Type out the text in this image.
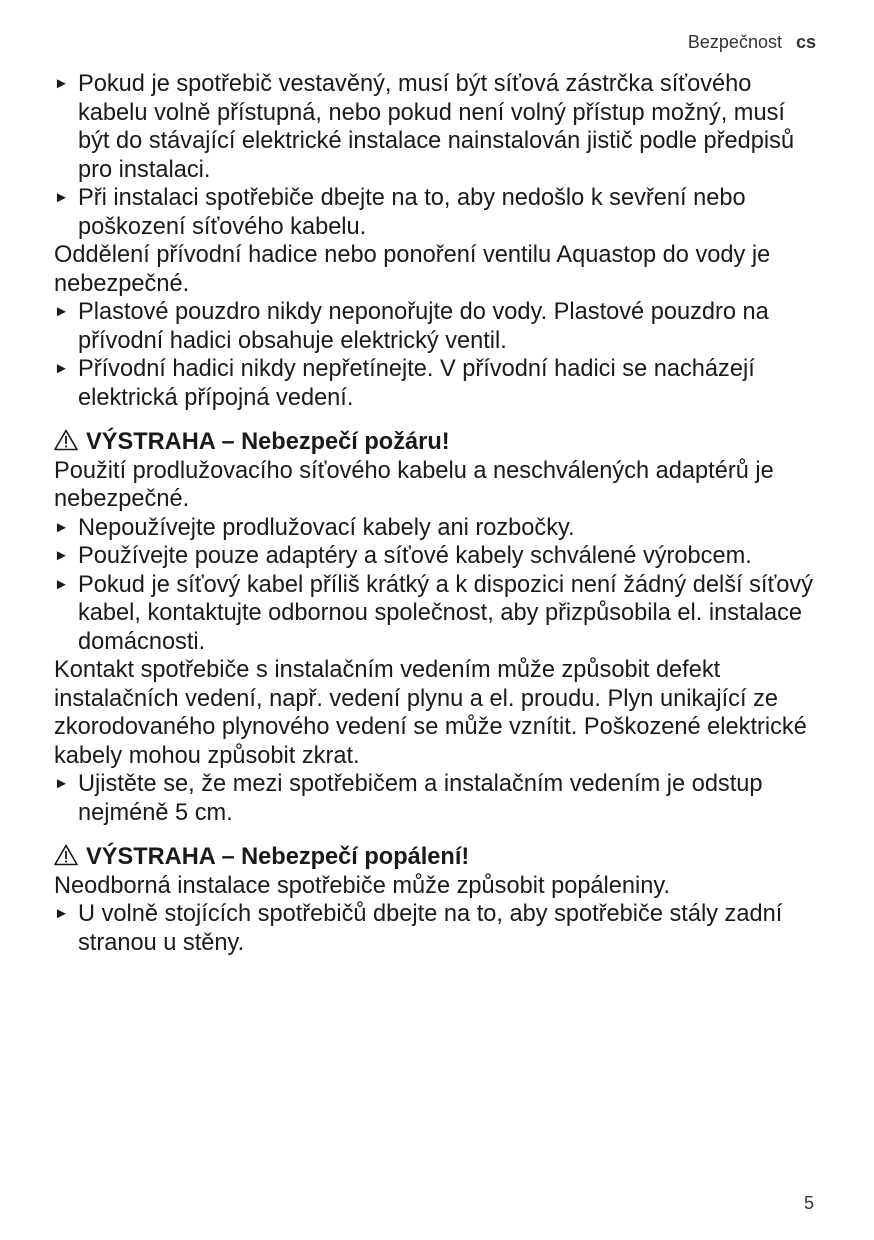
Bezpečnost cs

► Pokud je spotřebič vestavěný, musí být síťová zástrčka síťového kabelu volně přístupná, nebo pokud není volný přístup možný, musí být do stávající elektrické instalace nainstalován jistič podle předpisů pro instalaci.

► Při instalaci spotřebiče dbejte na to, aby nedošlo k sevření nebo poškození síťového kabelu.

Oddělení přívodní hadice nebo ponoření ventilu Aquastop do vody je nebezpečné.

► Plastové pouzdro nikdy neponořujte do vody. Plastové pouzdro na přívodní hadici obsahuje elektrický ventil.

► Přívodní hadici nikdy nepřetínejte. V přívodní hadici se nacházejí elektrická přípojná vedení.

VÝSTRAHA – Nebezpečí požáru!

Použití prodlužovacího síťového kabelu a neschválených adaptérů je nebezpečné.

► Nepoužívejte prodlužovací kabely ani rozbočky.

► Používejte pouze adaptéry a síťové kabely schválené výrobcem.

► Pokud je síťový kabel příliš krátký a k dispozici není žádný delší síťový kabel, kontaktujte odbornou společnost, aby přizpůsobila el. instalace domácnosti.

Kontakt spotřebiče s instalačním vedením může způsobit defekt instalačních vedení, např. vedení plynu a el. proudu. Plyn unikající ze zkorodovaného plynového vedení se může vznítit. Poškozené elektrické kabely mohou způsobit zkrat.

► Ujistěte se, že mezi spotřebičem a instalačním vedením je odstup nejméně 5 cm.

VÝSTRAHA – Nebezpečí popálení!

Neodborná instalace spotřebiče může způsobit popáleniny.

► U volně stojících spotřebičů dbejte na to, aby spotřebiče stály zadní stranou u stěny.

5
